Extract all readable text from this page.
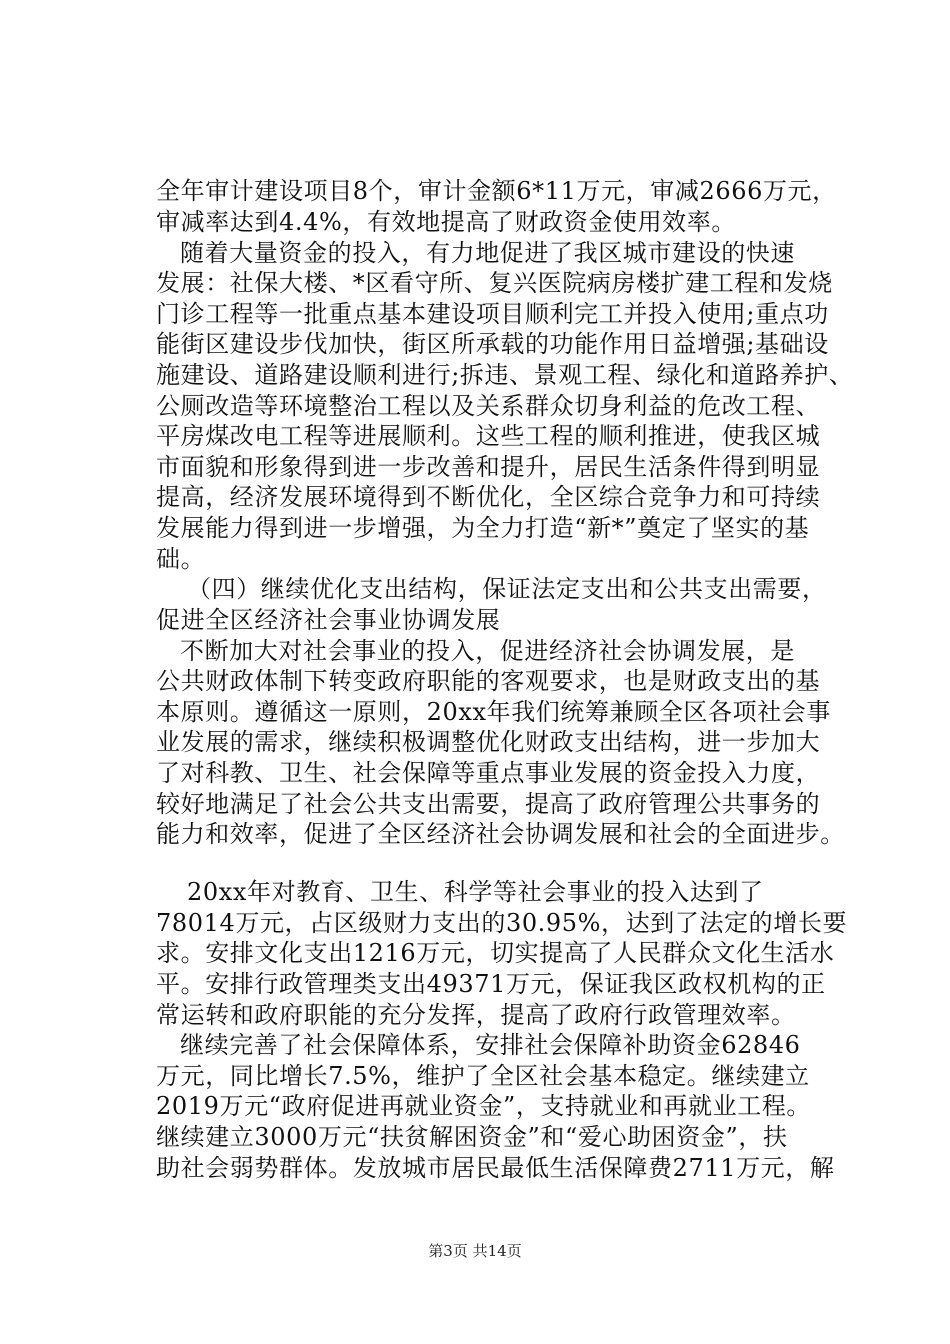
全年审计建设项目8个，审计金额6*11万元，审减2666万元，
审减率达到4.4%，有效地提高了财政资金使用效率。
随着大量资金的投入，有力地促进了我区城市建设的快速
发展：社保大楼、*区看守所、复兴医院病房楼扩建工程和发烧
门诊工程等一批重点基本建设项目顺利完工并投入使用;重点功
能街区建设步伐加快，街区所承载的功能作用日益增强;基础设
施建设、道路建设顺利进行;拆违、景观工程、绿化和道路养护、
公厕改造等环境整治工程以及关系群众切身利益的危改工程、
平房煤改电工程等进展顺利。这些工程的顺利推进，使我区城
市面貌和形象得到进一步改善和提升，居民生活条件得到明显
提高，经济发展环境得到不断优化，全区综合竞争力和可持续
发展能力得到进一步增强，为全力打造“新*”奠定了坚实的基
础。
（四）继续优化支出结构，保证法定支出和公共支出需要，
促进全区经济社会事业协调发展
不断加大对社会事业的投入，促进经济社会协调发展，是
公共财政体制下转变政府职能的客观要求，也是财政支出的基
本原则。遵循这一原则，20xx年我们统筹兼顾全区各项社会事
业发展的需求，继续积极调整优化财政支出结构，进一步加大
了对科教、卫生、社会保障等重点事业发展的资金投入力度，
较好地满足了社会公共支出需要，提高了政府管理公共事务的
能力和效率，促进了全区经济社会协调发展和社会的全面进步。
20xx年对教育、卫生、科学等社会事业的投入达到了
78014万元，占区级财力支出的30.95%，达到了法定的增长要
求。安排文化支出1216万元，切实提高了人民群众文化生活水
平。安排行政管理类支出49371万元，保证我区政权机构的正
常运转和政府职能的充分发挥，提高了政府行政管理效率。
继续完善了社会保障体系，安排社会保障补助资金62846
万元，同比增长7.5%，维护了全区社会基本稳定。继续建立
2019万元“政府促进再就业资金”，支持就业和再就业工程。
继续建立3000万元“扶贫解困资金”和“爱心助困资金”，扶
助社会弱势群体。发放城市居民最低生活保障费2711万元，解
第3页 共14页
